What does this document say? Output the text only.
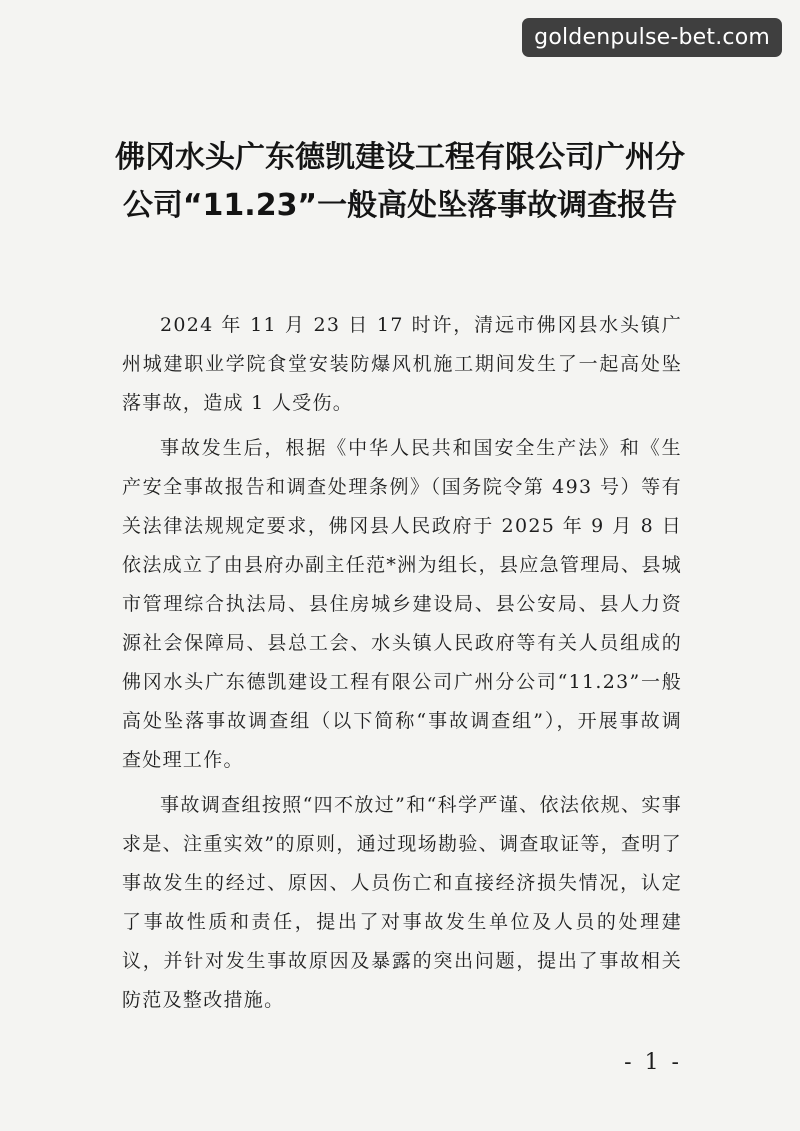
goldenpulse-bet.com
佛冈水头广东德凯建设工程有限公司广州分公司“11.23”一般高处坠落事故调查报告

2024 年 11 月 23 日 17 时许，清远市佛冈县水头镇广州城建职业学院食堂安装防爆风机施工期间发生了一起高处坠落事故，造成 1 人受伤。

事故发生后，根据《中华人民共和国安全生产法》和《生产安全事故报告和调查处理条例》（国务院令第 493 号）等有关法律法规规定要求，佛冈县人民政府于 2025 年 9 月 8 日依法成立了由县府办副主任范*洲为组长，县应急管理局、县城市管理综合执法局、县住房城乡建设局、县公安局、县人力资源社会保障局、县总工会、水头镇人民政府等有关人员组成的佛冈水头广东德凯建设工程有限公司广州分公司“11.23”一般高处坠落事故调查组（以下简称“事故调查组”），开展事故调查处理工作。

事故调查组按照“四不放过”和“科学严谨、依法依规、实事求是、注重实效”的原则，通过现场勘验、调查取证等，查明了事故发生的经过、原因、人员伤亡和直接经济损失情况，认定了事故性质和责任，提出了对事故发生单位及人员的处理建议，并针对发生事故原因及暴露的突出问题，提出了事故相关防范及整改措施。

- 1 -
